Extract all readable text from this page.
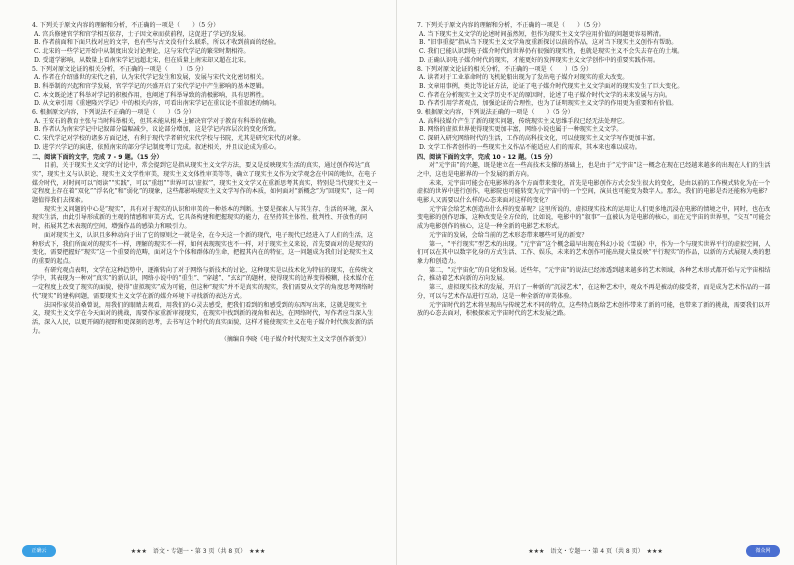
4. 下列关于原文内容的理解和分析，不正确的一项是（　　）（5 分）

A. 宫兵修建官学和官学相互依存，士子因文章而获前程，这促进了学记的发展。

B. 作者前面和下面只找对应的文字，也有些与古文没有什么联系，所以才收到前面的经验。

C. 北宋的一些学记开始中从制度出发讨论理论，这与宋代学记的繁荣时期相符。

D. 受道学影响，从数量上看南宋学记远超北宋，但在质量上南宋却又超在北宋。

5. 下列对原文论证的相关分析，不正确的一项是（　　）（5 分）

A. 作者在介绍盛世的宋代之前，认为宋代学记发生和发展，发展与宋代文化密切相关。

B. 科举制的兴起和官学发展，官学学记的兴盛开启了宋代学记中产生影响的基本逻辑。

C. 本文既论述了科举对学记的积极作用，也阐述了科举导致的消极影响，具有思辨性。

D. 从文章引用《重建隆兴学记》中的相关内容，可看出南宋学记在重议论不重叙述的倾向。

6. 根据原文内容，下列说法不正确的一项是（　　）（5 分）

A. 王安石的教育主张与当时科举相关，但其未能从根本上解决官学对于教育有科举的依赖。

B. 作者认为南宋学记中记叙部分篇幅减少，议论部分增加，这是学记内容层次的变化所致。

C. 宋代学记对学校的诸多方面记述，有利于现代学者研究宋代学校与书院，尤其是研究宋代的对象。

D. 进学兴学记的演进，依照南宋的部分学记制度考订完成。叙述相关，并且议论成为重心。

二、阅读下面的文字，完成 7 - 9 题。（15 分）

目前，关于现实主义文学的讨论中，常会提到它是指从现实主义文学方法，要义是反映现实生活的真实，通过创作传达“真实”，现实主义与认识论、现实主义文学性审美，现实主义文体性审美等等，确立了现实主义作为文学观念在中国的地位，在电子媒介时代，对时间可以“阅读”“实践”，可以“重组”“世界可以‘虚拟’”，现实主义文学又在重新思考其真实，特别是当代现实主义一定程度上存在着“双化”“浮名化”和“弱化”的现象，这些都影响现实主义文学写作的本质，如何面对“新概念”为“回现实”，这一问题值得我们去探索。

现实主义问题的中心是“现实”，具有对于现实的认识和审美的一种基本的判断。主要是探索人与其生存、生活的环境，深入现实生活，由此引导形成新的主观的情感和审美方式，它具备构建和把握现实的能力，在坚持其主体性、批判性、开放性的同时，拓展其艺术表现的空间，增强作品的感染力和吸引力。

面对现实主义，认识且多种动向于出了它的原则之一就是全，在今天这一个新的现代，电子现代已经进入了人们的生活，这种形式下，我们所面对的现实不一样，理解的现实不一样，如何表现现实也不一样，对于现实主义来说，首先要面对的是现实的变化，需要把握好“现实”这一个重要的范畴，面对这个个体和群体的生命，把握其内在的特征，这一问题成为我们讨论现实主义的重要的起点。

有研究观点表明，文学在这种趋势中，逐渐转向了对于网络与新技术的讨论，这种现实是以技术化为特征的现实，在传统文学中，其表现为一种对“真实”的新认识，网络小说中的“重生”、“穿越”、“玄幻”的题材，使得现实的边界变得模糊，技术媒介在一定程度上改变了现实的面貌，使得“虚拟现实”成为可能，但这种“现实”并不是真实的现实，我们需要从文学的角度思考网络时代“现实”的建构问题，需要现实主义文学在新的媒介环境下寻找新的表达方式。

法国作家莫泊桑曾说，用我们的眼睛去观看，用我们的心灵去感受，把我们看到的和感受到的东西写出来，这就是现实主义，现实主义文学在今天面对的挑战，需要作家重新审视现实，在现实中找到新的视角和表达，在网络时代，写作者应当深入生活，深入人民，以更开阔的视野和更深刻的思考，去书写这个时代的真实面貌，这样才能使现实主义在电子媒介时代焕发新的活力。

（摘编自李晓《电子媒介时代现实主义文学创作新变》）

正确云	★★★　语文・专题一・第 3 页（共 8 页）　★★★

7. 下列关于原文内容的理解和分析，不正确的一项是（　　）（5 分）

A. 当下现实主义文学的论述时间虽然短，但作为现实主义文学应用价值的问题更容易辨清。

B. “旧事重提”指从当下现实主义文学角度重新探讨以前的作品，这对当下现实主义创作有帮助。

C. 我们已能认识到电子媒介时代的世界仍有很强的现实性，也就是现实主义不会失去存在的土壤。

D. 正确认识电子媒介时代的现实，才能更好的发挥现实主义文学创作中的重要实践作用。

8. 下列对原文论证的相关分析，不正确的一项是（　　）（5 分）

A. 读者对于工业革命时的飞机轮船出现为了发出电子媒介对现实的重大改变。

B. 文章用事例，类比等论证方法，论证了电子媒介时代现实主义文学面对的现实发生了巨大变化。

C. 作者在分析现实主义文学历史不足的原因时，论述了电子媒介时代文学的未来发展与方向。

D. 作者引用学者观点，加强论证的合理性，也为了证明现实主义文学的作用更为重要和有价值。

9. 根据原文内容，下列说法正确的一项是（　　）（5 分）

A. 高科技媒介产生了新的现实问题，传统现实主义思维手段已经无法处理它。

B. 网络的虚拟世界使得现实更加丰富，网络小说也属于一种现实主义文学。

C. 深研入研究网络时代的生活，工作的高科技文化，可以使现实主义文学写作更加丰富。

D. 文学工作者创作的一些现实主义作品不能适应人们的需求，其本来也难以成功。

四、阅读下面的文字，完成 10 - 12 题。（15 分）

对“元宇宙”的兴趣，既是建立在一些高技术支撑的基础上，也是由于“元宇宙”这一概念在现在已经越来越多的出现在人们的生活之中，这也是电影界的一个发展的新方向。

未来，元宇宙可能会在电影界的各个方面带来变化，首先是电影创作方式会发生很大的变化，是由以前的工作模式转化为在一个虚拟的世界中进行创作，电影院也可能转变为元宇宙中的一个空间，演员也可能变为数字人。那么，我们的电影是否还能称为电影？电影人又需要以什么样的心态来面对这样的变化？

元宇宙会给艺术创造出什么样的变革呢？这里所说的，虚拟现实技术的运用让人们更多地沉浸在电影的情境之中，同时，也在改变电影的创作思维，这种改变是全方位的，比如说，电影中的“叙事”一直被认为是电影的核心，而在元宇宙的世界里，“交互”可能会成为电影创作的核心，这是一种全新的电影艺术形式。

元宇宙的发展，会给当前的艺术形态带来哪些可见的新变？

第一，“平行现实”型艺术的出现。“元宇宙”这个概念最早出现在科幻小说《雪崩》中，作为一个与现实世界平行的虚拟空间，人们可以在其中以数字化身的方式生活、工作、娱乐，未来的艺术创作可能出现大量反映“平行现实”的作品，以新的方式展现人类的想象力和创造力。

第二，“元宇宙化”的自觉和发展。近些年，“元宇宙”的说法已经渗透到越来越多的艺术领域，各种艺术形式都开始与元宇宙相结合，推动着艺术向新的方向发展。

第三，虚拟现实技术的发展，开启了一种新的“沉浸艺术”，在这种艺术中，观众不再是被动的接受者，而是成为艺术作品的一部分，可以与艺术作品进行互动，这是一种全新的审美体验。

元宇宙时代的艺术将呈现出与传统艺术不同的特点，这些特点既给艺术创作带来了新的可能，也带来了新的挑战，需要我们以开放的心态去面对，积极探索元宇宙时代的艺术发展之路。

微众网
★★★　语文・专题一・第 4 页（共 8 页）　★★★
